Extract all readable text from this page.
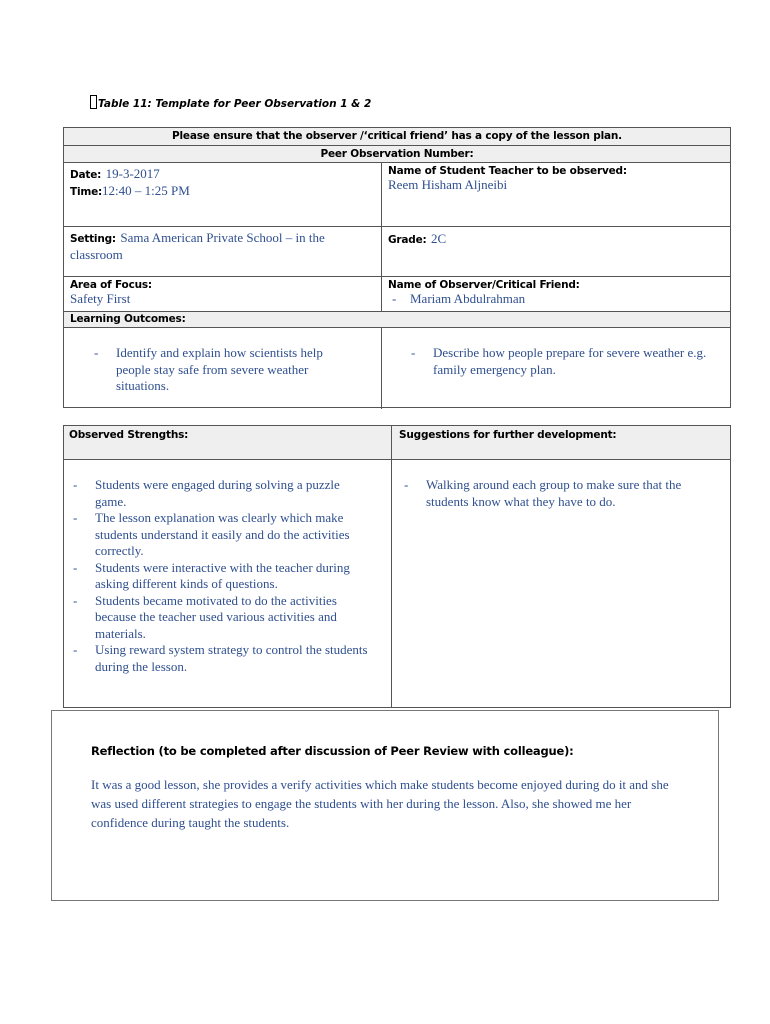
Table 11: Template for Peer Observation 1 & 2
Please ensure that the observer /‘critical friend’ has a copy of the lesson plan.
Peer Observation Number:
Date: 19-3-2017
Time:12:40 – 1:25 PM
Name of Student Teacher to be observed:
Reem Hisham Aljneibi
Setting: Sama American Private School – in the classroom
Grade: 2C
Area of Focus:
Safety First
Name of Observer/Critical Friend:
- Mariam Abdulrahman
Learning Outcomes:
- Identify and explain how scientists help people stay safe from severe weather situations.
- Describe how people prepare for severe weather e.g. family emergency plan.
Observed Strengths:	Suggestions for further development:
- Students were engaged during solving a puzzle game.
- The lesson explanation was clearly which make students understand it easily and do the activities correctly.
- Students were interactive with the teacher during asking different kinds of questions.
- Students became motivated to do the activities because the teacher used various activities and materials.
- Using reward system strategy to control the students during the lesson.
- Walking around each group to make sure that the students know what they have to do.
Reflection (to be completed after discussion of Peer Review with colleague):
It was a good lesson, she provides a verify activities which make students become enjoyed during do it and she was used different strategies to engage the students with her during the lesson. Also, she showed me her confidence during taught the students.
